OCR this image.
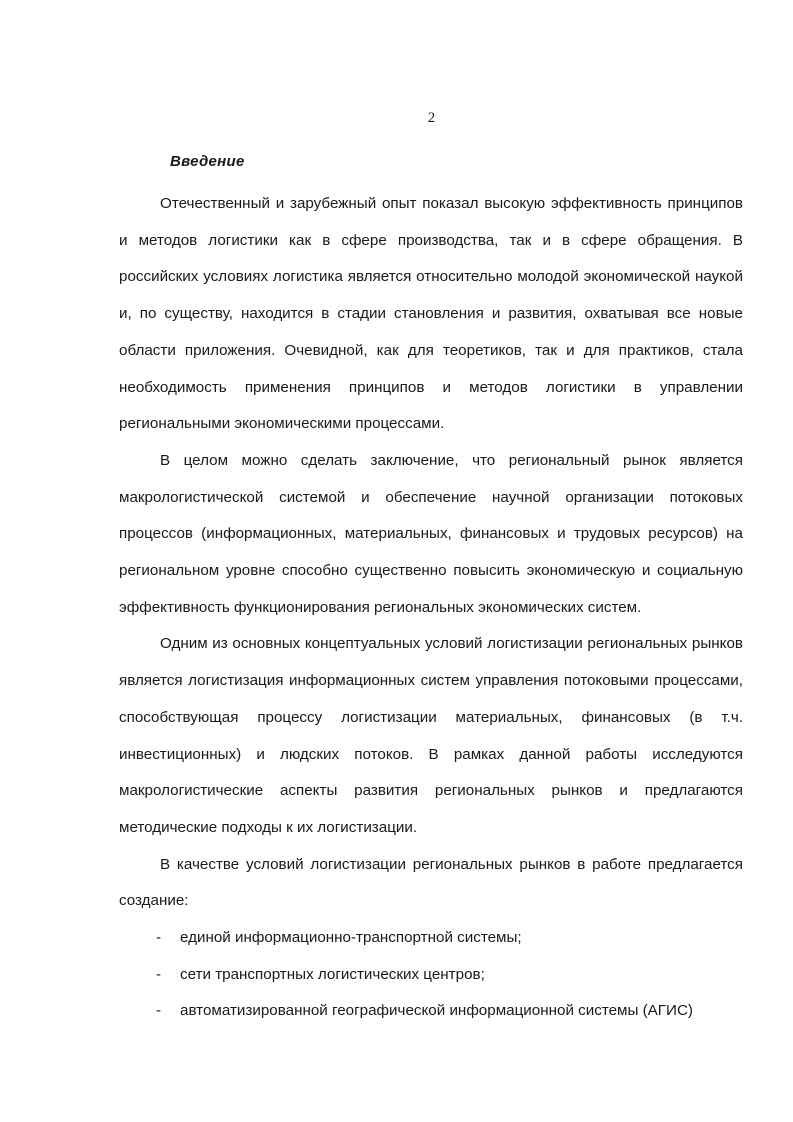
2
Введение

Отечественный и зарубежный опыт показал высокую эффективность принципов и методов логистики как в сфере производства, так и в сфере обращения. В российских условиях логистика является относительно молодой экономической наукой и, по существу, находится в стадии становления и развития, охватывая все новые области приложения. Очевидной, как для теоретиков, так и для практиков, стала необходимость применения принципов и методов логистики в управлении региональными экономическими процессами.

В целом можно сделать заключение, что региональный рынок является макрологистической системой и обеспечение научной организации потоковых процессов (информационных, материальных, финансовых и трудовых ресурсов) на региональном уровне способно существенно повысить экономическую и социальную эффективность функционирования региональных экономических систем.

Одним из основных концептуальных условий логистизации региональных рынков является логистизация информационных систем управления потоковыми процессами, способствующая процессу логистизации материальных, финансовых (в т.ч. инвестиционных) и людских потоков. В рамках данной работы исследуются макрологистические аспекты развития региональных рынков и предлагаются методические подходы к их логистизации.

В качестве условий логистизации региональных рынков в работе предлагается создание:

- единой информационно-транспортной системы;
- сети транспортных логистических центров;
- автоматизированной географической информационной системы (АГИС)
